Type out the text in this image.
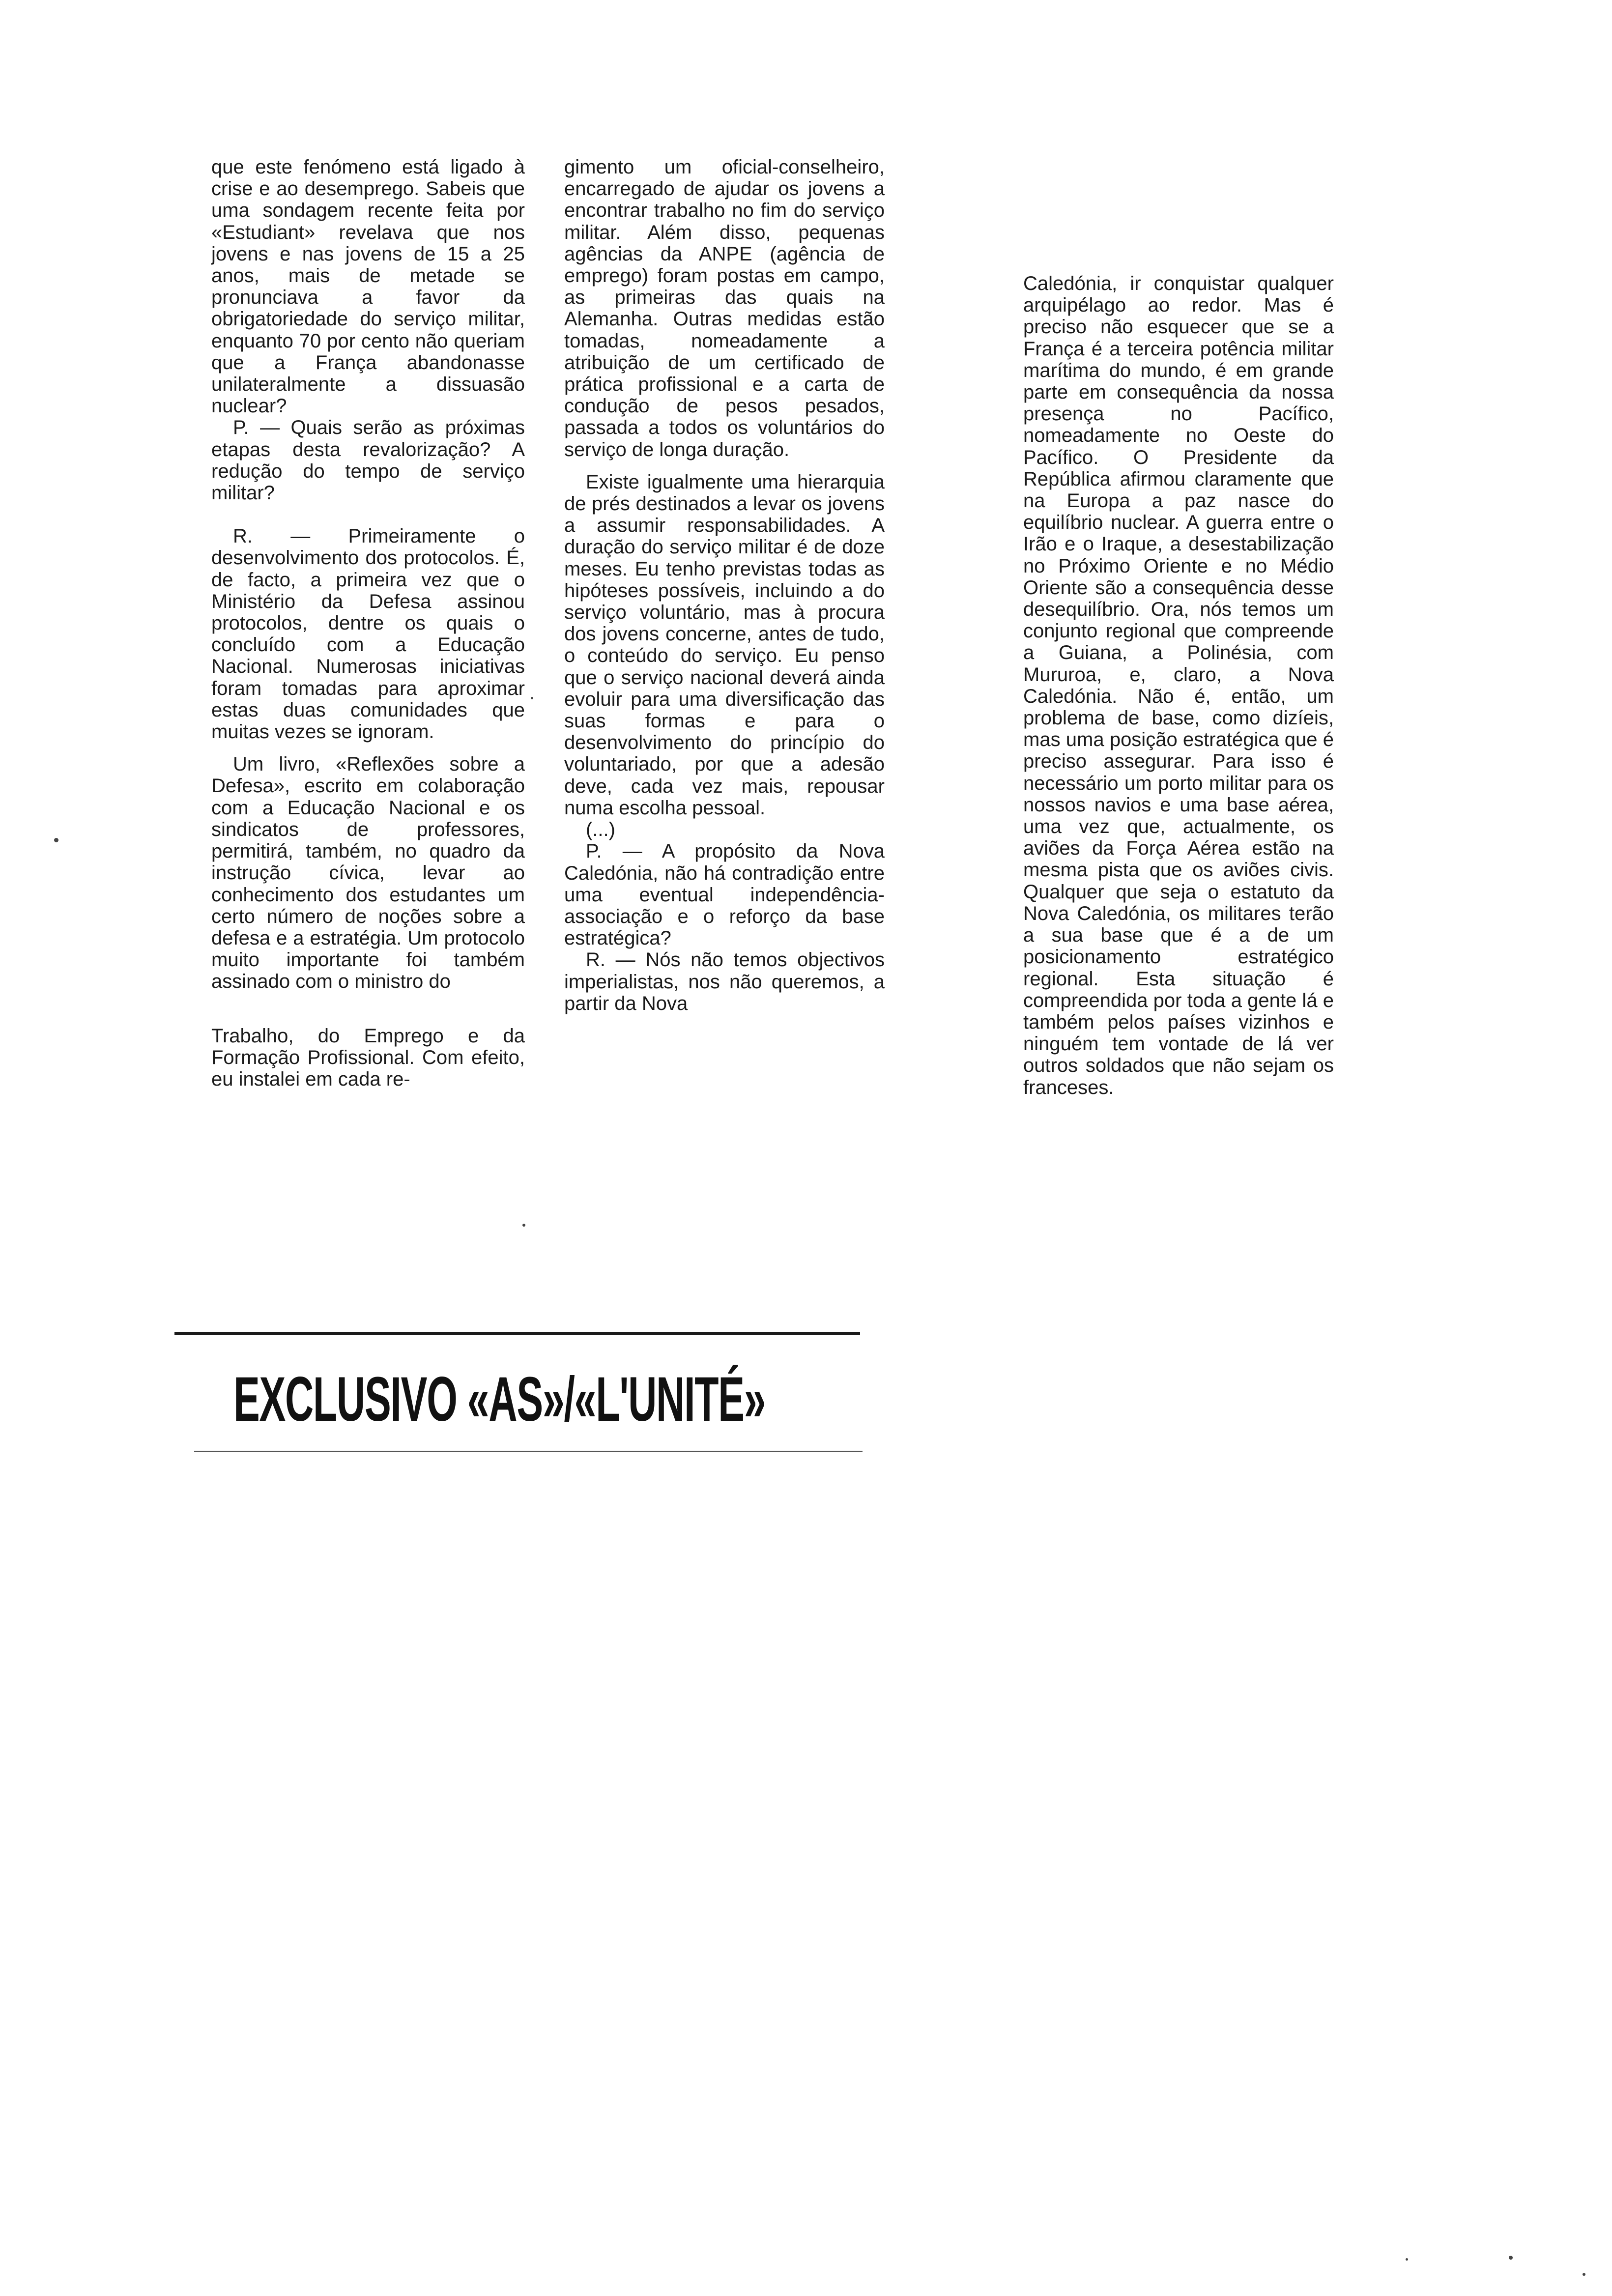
que este fenómeno está ligado à crise e ao desemprego. Sabeis que uma sondagem recente feita por «Estudiant» revelava que nos jovens e nas jovens de 15 a 25 anos, mais de metade se pronunciava a favor da obrigatoriedade do serviço militar, enquanto 70 por cento não queriam que a França abandonasse unilateralmente a dissuasão nuclear?

P. — Quais serão as próximas etapas desta revalorização? A redução do tempo de serviço militar?

R. — Primeiramente o desenvolvimento dos protocolos. É, de facto, a primeira vez que o Ministério da Defesa assinou protocolos, dentre os quais o concluído com a Educação Nacional. Numerosas iniciativas foram tomadas para aproximar estas duas comunidades que muitas vezes se ignoram.

Um livro, «Reflexões sobre a Defesa», escrito em colaboração com a Educação Nacional e os sindicatos de professores, permitirá, também, no quadro da instrução cívica, levar ao conhecimento dos estudantes um certo número de noções sobre a defesa e a estratégia. Um protocolo muito importante foi também assinado com o ministro do

Trabalho, do Emprego e da Formação Profissional. Com efeito, eu instalei em cada re-

gimento um oficial-conselheiro, encarregado de ajudar os jovens a encontrar trabalho no fim do serviço militar. Além disso, pequenas agências da ANPE (agência de emprego) foram postas em campo, as primeiras das quais na Alemanha. Outras medidas estão tomadas, nomeadamente a atribuição de um certificado de prática profissional e a carta de condução de pesos pesados, passada a todos os voluntários do serviço de longa duração.

Existe igualmente uma hierarquia de prés destinados a levar os jovens a assumir responsabilidades. A duração do serviço militar é de doze meses. Eu tenho previstas todas as hipóteses possíveis, incluindo a do serviço voluntário, mas à procura dos jovens concerne, antes de tudo, o conteúdo do serviço. Eu penso que o serviço nacional deverá ainda evoluir para uma diversificação das suas formas e para o desenvolvimento do princípio do voluntariado, por que a adesão deve, cada vez mais, repousar numa escolha pessoal.

(...)

P. — A propósito da Nova Caledónia, não há contradição entre uma eventual independência-associação e o reforço da base estratégica?

R. — Nós não temos objectivos imperialistas, nos não queremos, a partir da Nova

Caledónia, ir conquistar qualquer arquipélago ao redor. Mas é preciso não esquecer que se a França é a terceira potência militar marítima do mundo, é em grande parte em consequência da nossa presença no Pacífico, nomeadamente no Oeste do Pacífico. O Presidente da República afirmou claramente que na Europa a paz nasce do equilíbrio nuclear. A guerra entre o Irão e o Iraque, a desestabilização no Próximo Oriente e no Médio Oriente são a consequência desse desequilíbrio. Ora, nós temos um conjunto regional que compreende a Guiana, a Polinésia, com Mururoa, e, claro, a Nova Caledónia. Não é, então, um problema de base, como dizíeis, mas uma posição estratégica que é preciso assegurar. Para isso é necessário um porto militar para os nossos navios e uma base aérea, uma vez que, actualmente, os aviões da Força Aérea estão na mesma pista que os aviões civis. Qualquer que seja o estatuto da Nova Caledónia, os militares terão a sua base que é a de um posicionamento estratégico regional. Esta situação é compreendida por toda a gente lá e também pelos países vizinhos e ninguém tem vontade de lá ver outros soldados que não sejam os franceses.

EXCLUSIVO «AS»/«L'UNITÉ»
